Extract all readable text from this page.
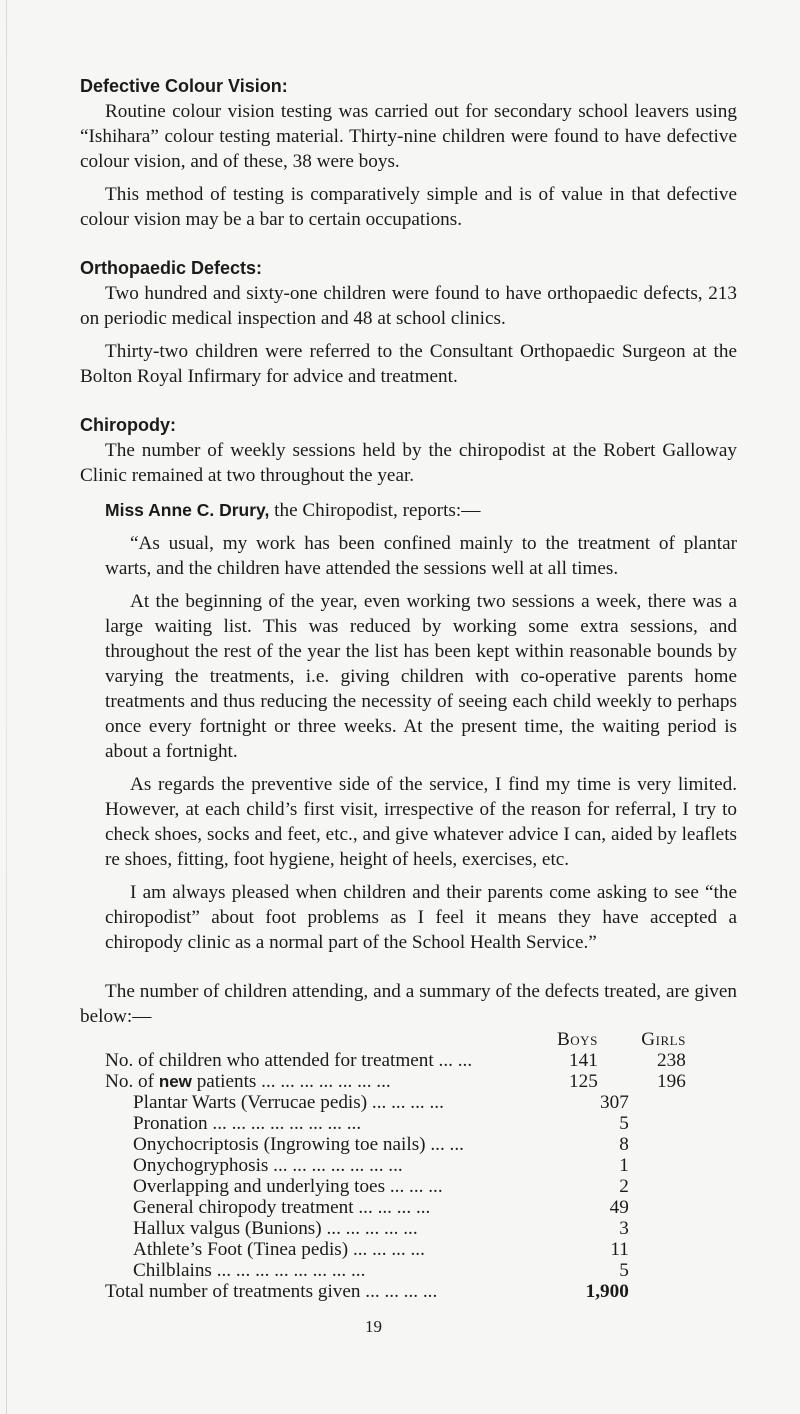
Defective Colour Vision:

Routine colour vision testing was carried out for secondary school leavers using “Ishihara” colour testing material. Thirty-nine children were found to have defective colour vision, and of these, 38 were boys.

This method of testing is comparatively simple and is of value in that defective colour vision may be a bar to certain occupations.

Orthopaedic Defects:

Two hundred and sixty-one children were found to have orthopaedic defects, 213 on periodic medical inspection and 48 at school clinics.

Thirty-two children were referred to the Consultant Orthopaedic Surgeon at the Bolton Royal Infirmary for advice and treatment.

Chiropody:

The number of weekly sessions held by the chiropodist at the Robert Galloway Clinic remained at two throughout the year.

Miss Anne C. Drury, the Chiropodist, reports:—

“As usual, my work has been confined mainly to the treatment of plantar warts, and the children have attended the sessions well at all times.

At the beginning of the year, even working two sessions a week, there was a large waiting list. This was reduced by working some extra sessions, and throughout the rest of the year the list has been kept within reasonable bounds by varying the treatments, i.e. giving children with co-operative parents home treatments and thus reducing the necessity of seeing each child weekly to perhaps once every fortnight or three weeks. At the present time, the waiting period is about a fortnight.

As regards the preventive side of the service, I find my time is very limited. However, at each child’s first visit, irrespective of the reason for referral, I try to check shoes, socks and feet, etc., and give whatever advice I can, aided by leaflets re shoes, fitting, foot hygiene, height of heels, exercises, etc.

I am always pleased when children and their parents come asking to see “the chiropodist” about foot problems as I feel it means they have accepted a chiropody clinic as a normal part of the School Health Service.”

The number of children attending, and a summary of the defects treated, are given below:—

	Boys	Girls
No. of children who attended for treatment ... ...	141	238
No. of new patients ... ... ... ... ... ... ...	125	196
Plantar Warts (Verrucae pedis) ... ... ... ...	307	
Pronation ... ... ... ... ... ... ... ...	5	
Onychocriptosis (Ingrowing toe nails) ... ...	8	
Onychogryphosis ... ... ... ... ... ... ...	1	
Overlapping and underlying toes ... ... ...	2	
General chiropody treatment ... ... ... ...	49	
Hallux valgus (Bunions) ... ... ... ... ...	3	
Athlete’s Foot (Tinea pedis) ... ... ... ...	11	
Chilblains ... ... ... ... ... ... ... ...	5	
Total number of treatments given ... ... ... ...	1,900	
19
